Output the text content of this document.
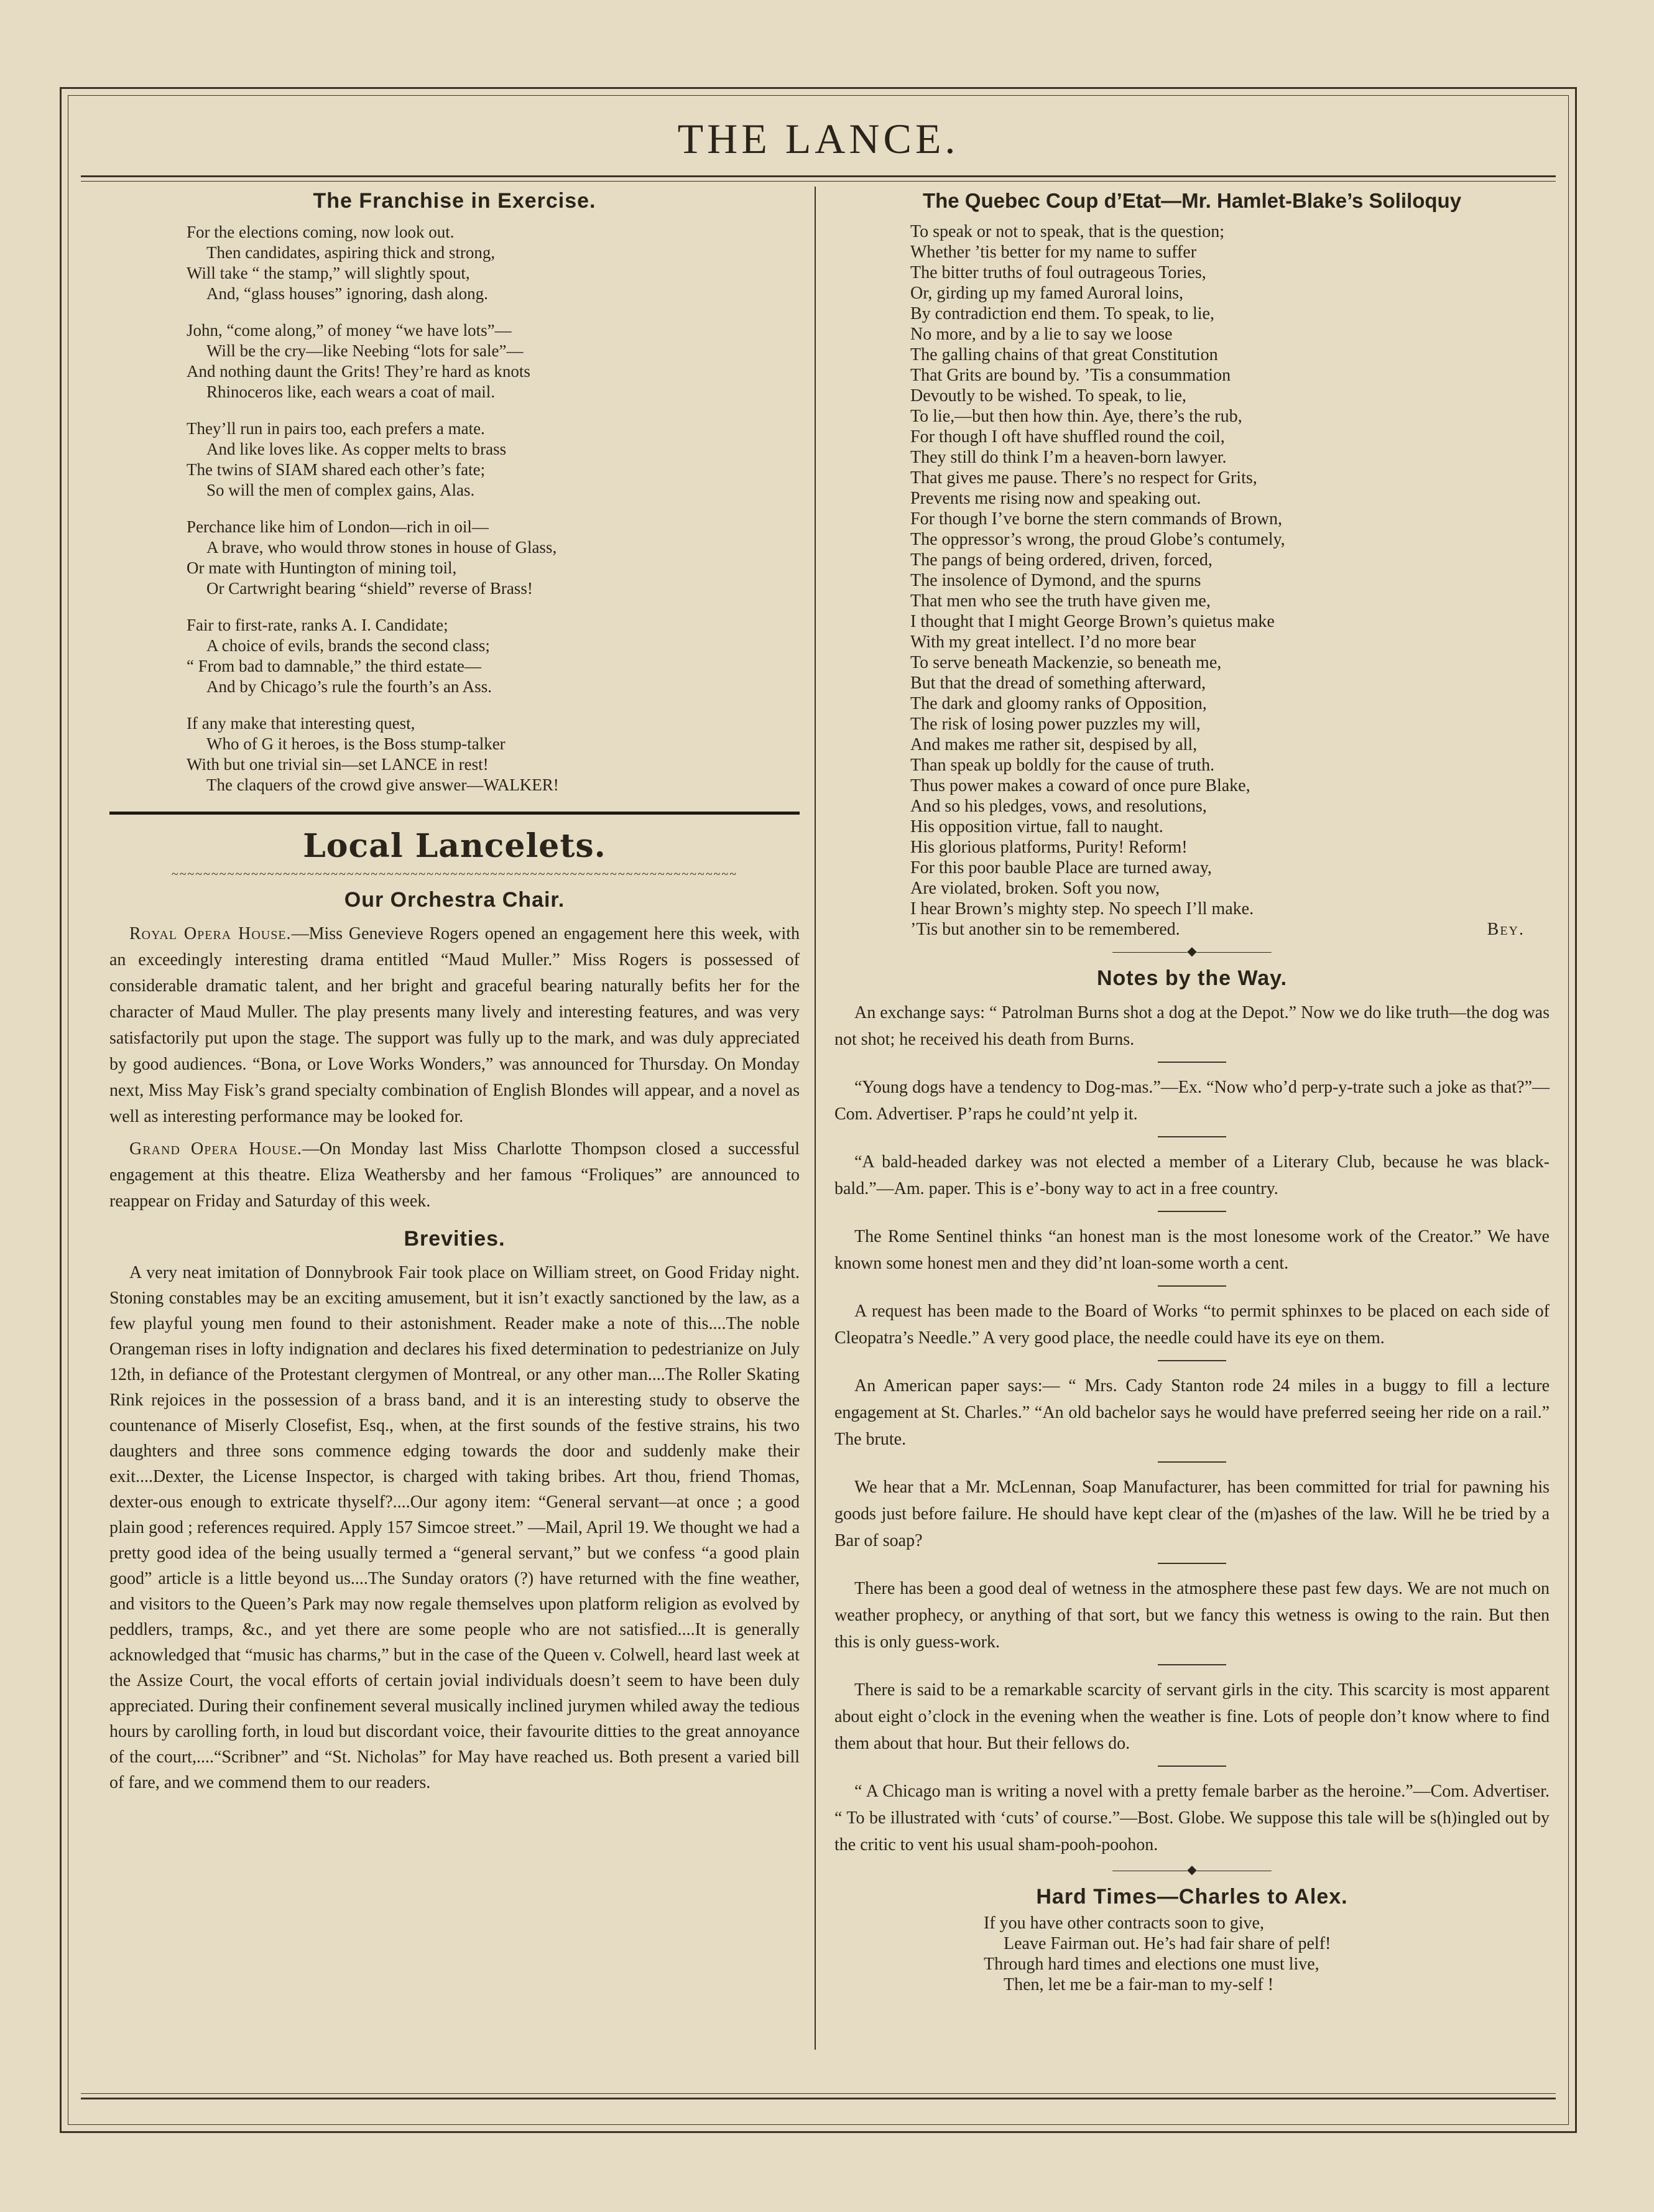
THE LANCE.
The Franchise in Exercise.
For the elections coming, now look out.
Then candidates, aspiring thick and strong,
Will take “ the stamp,” will slightly spout,
And, “glass houses” ignoring, dash along.
John, “come along,” of money “we have lots”—
Will be the cry—like Neebing “lots for sale”—
And nothing daunt the Grits! They’re hard as knots
Rhinoceros like, each wears a coat of mail.
They’ll run in pairs too, each prefers a mate.
And like loves like. As copper melts to brass
The twins of SIAM shared each other’s fate;
So will the men of complex gains, Alas.
Perchance like him of London—rich in oil—
A brave, who would throw stones in house of Glass,
Or mate with Huntington of mining toil,
Or Cartwright bearing “shield” reverse of Brass!
Fair to first-rate, ranks A. I. Candidate;
A choice of evils, brands the second class;
“ From bad to damnable,” the third estate—
And by Chicago’s rule the fourth’s an Ass.
If any make that interesting quest,
Who of G it heroes, is the Boss stump-talker
With but one trivial sin—set LANCE in rest!
The claquers of the crowd give answer—WALKER!
Local Lancelets.
~~~~~~~~~~~~~~~~~~~~~~~~~~~~~~~~~~~~~~~~~~~~~~~~~~~~~~~~~~~~~~~~~~~~~~~
Our Orchestra Chair.

Royal Opera House.—Miss Genevieve Rogers opened an engagement here this week, with an exceedingly interesting drama entitled “Maud Muller.” Miss Rogers is possessed of considerable dramatic talent, and her bright and graceful bearing naturally befits her for the character of Maud Muller. The play presents many lively and interesting features, and was very satisfactorily put upon the stage. The support was fully up to the mark, and was duly appreciated by good audiences. “Bona, or Love Works Wonders,” was announced for Thursday. On Monday next, Miss May Fisk’s grand specialty combination of English Blondes will appear, and a novel as well as interesting performance may be looked for.

Grand Opera House.—On Monday last Miss Charlotte Thompson closed a successful engagement at this theatre. Eliza Weathersby and her famous “Froliques” are announced to reappear on Friday and Saturday of this week.

Brevities.

A very neat imitation of Donnybrook Fair took place on William street, on Good Friday night. Stoning constables may be an exciting amusement, but it isn’t exactly sanctioned by the law, as a few playful young men found to their astonishment. Reader make a note of this....The noble Orangeman rises in lofty indignation and declares his fixed determination to pedestrianize on July 12th, in defiance of the Protestant clergymen of Montreal, or any other man....The Roller Skating Rink rejoices in the possession of a brass band, and it is an interesting study to observe the countenance of Miserly Closefist, Esq., when, at the first sounds of the festive strains, his two daughters and three sons commence edging towards the door and suddenly make their exit....Dexter, the License Inspector, is charged with taking bribes. Art thou, friend Thomas, dexter-ous enough to extricate thyself?....Our agony item: “General servant—at once ; a good plain good ; references required. Apply 157 Simcoe street.” —Mail, April 19. We thought we had a pretty good idea of the being usually termed a “general servant,” but we confess “a good plain good” article is a little beyond us....The Sunday orators (?) have returned with the fine weather, and visitors to the Queen’s Park may now regale themselves upon platform religion as evolved by peddlers, tramps, &c., and yet there are some people who are not satisfied....It is generally acknowledged that “music has charms,” but in the case of the Queen v. Colwell, heard last week at the Assize Court, the vocal efforts of certain jovial individuals doesn’t seem to have been duly appreciated. During their confinement several musically inclined jurymen whiled away the tedious hours by carolling forth, in loud but discordant voice, their favourite ditties to the great annoyance of the court,....“Scribner” and “St. Nicholas” for May have reached us. Both present a varied bill of fare, and we commend them to our readers.

The Quebec Coup d’Etat—Mr. Hamlet-Blake’s Soliloquy
To speak or not to speak, that is the question;
Whether ’tis better for my name to suffer
The bitter truths of foul outrageous Tories,
Or, girding up my famed Auroral loins,
By contradiction end them. To speak, to lie,
No more, and by a lie to say we loose
The galling chains of that great Constitution
That Grits are bound by. ’Tis a consummation
Devoutly to be wished. To speak, to lie,
To lie,—but then how thin. Aye, there’s the rub,
For though I oft have shuffled round the coil,
They still do think I’m a heaven-born lawyer.
That gives me pause. There’s no respect for Grits,
Prevents me rising now and speaking out.
For though I’ve borne the stern commands of Brown,
The oppressor’s wrong, the proud Globe’s contumely,
The pangs of being ordered, driven, forced,
The insolence of Dymond, and the spurns
That men who see the truth have given me,
I thought that I might George Brown’s quietus make
With my great intellect. I’d no more bear
To serve beneath Mackenzie, so beneath me,
But that the dread of something afterward,
The dark and gloomy ranks of Opposition,
The risk of losing power puzzles my will,
And makes me rather sit, despised by all,
Than speak up boldly for the cause of truth.
Thus power makes a coward of once pure Blake,
And so his pledges, vows, and resolutions,
His opposition virtue, fall to naught.
His glorious platforms, Purity! Reform!
For this poor bauble Place are turned away,
Are violated, broken. Soft you now,
I hear Brown’s mighty step. No speech I’ll make.
’Tis but another sin to be remembered.	Bey.
——————◆——————
Notes by the Way.

An exchange says: “ Patrolman Burns shot a dog at the Depot.” Now we do like truth—the dog was not shot; he received his death from Burns.

“Young dogs have a tendency to Dog-mas.”—Ex. “Now who’d perp-y-trate such a joke as that?”—Com. Advertiser. P’raps he could’nt yelp it.

“A bald-headed darkey was not elected a member of a Literary Club, because he was black-bald.”—Am. paper. This is e’-bony way to act in a free country.

The Rome Sentinel thinks “an honest man is the most lonesome work of the Creator.” We have known some honest men and they did’nt loan-some worth a cent.

A request has been made to the Board of Works “to permit sphinxes to be placed on each side of Cleopatra’s Needle.” A very good place, the needle could have its eye on them.

An American paper says:— “ Mrs. Cady Stanton rode 24 miles in a buggy to fill a lecture engagement at St. Charles.” “An old bachelor says he would have preferred seeing her ride on a rail.” The brute.

We hear that a Mr. McLennan, Soap Manufacturer, has been committed for trial for pawning his goods just before failure. He should have kept clear of the (m)ashes of the law. Will he be tried by a Bar of soap?

There has been a good deal of wetness in the atmosphere these past few days. We are not much on weather prophecy, or anything of that sort, but we fancy this wetness is owing to the rain. But then this is only guess-work.

There is said to be a remarkable scarcity of servant girls in the city. This scarcity is most apparent about eight o’clock in the evening when the weather is fine. Lots of people don’t know where to find them about that hour. But their fellows do.

“ A Chicago man is writing a novel with a pretty female barber as the heroine.”—Com. Advertiser. “ To be illustrated with ‘cuts’ of course.”—Bost. Globe. We suppose this tale will be s(h)ingled out by the critic to vent his usual sham-pooh-poohon.

——————◆——————
Hard Times—Charles to Alex.
If you have other contracts soon to give,
Leave Fairman out. He’s had fair share of pelf!
Through hard times and elections one must live,
Then, let me be a fair-man to my-self !
